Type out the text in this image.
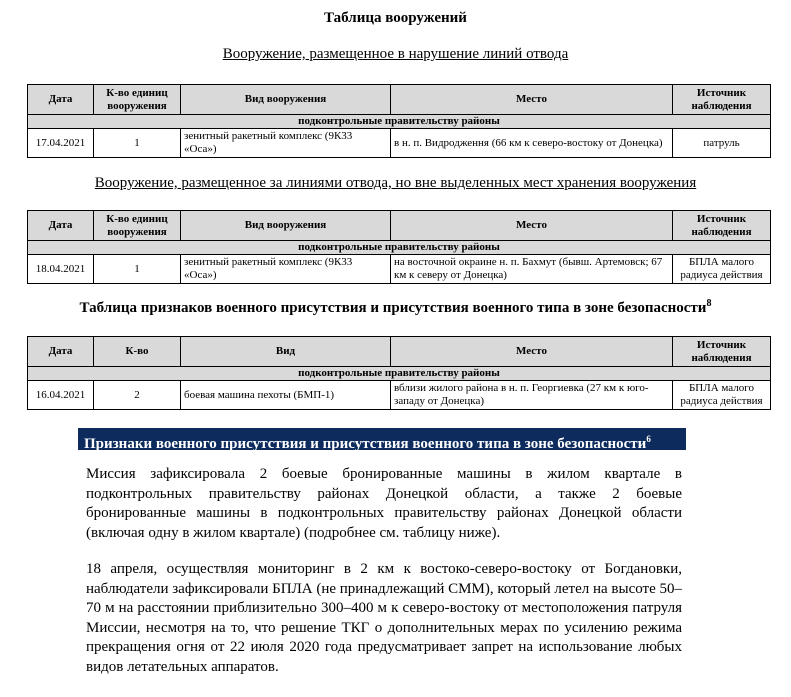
Таблица вооружений
Вооружение, размещенное в нарушение линий отвода
Дата	К-во единиц вооружения	Вид вооружения	Место	Источник наблюдения
подконтрольные правительству районы				
17.04.2021	1	зенитный ракетный комплекс (9К33 «Оса»)	в н. п. Видродження (66 км к северо-востоку от Донецка)	патруль
Вооружение, размещенное за линиями отвода, но вне выделенных мест хранения вооружения
Дата	К-во единиц вооружения	Вид вооружения	Место	Источник наблюдения
подконтрольные правительству районы				
18.04.2021	1	зенитный ракетный комплекс (9К33 «Оса»)	на восточной окраине н. п. Бахмут (бывш. Артемовск; 67 км к северу от Донецка)	БПЛА малого радиуса действия
Таблица признаков военного присутствия и присутствия военного типа в зоне безопасности$^8$
Дата	К-во	Вид	Место	Источник наблюдения
подконтрольные правительству районы				
16.04.2021	2	боевая машина пехоты (БМП-1)	вблизи жилого района в н. п. Георгиевка (27 км к юго-западу от Донецка)	БПЛА малого радиуса действия
Признаки военного присутствия и присутствия военного типа в зоне безопасности$^6$
Миссия зафиксировала 2 боевые бронированные машины в жилом квартале в подконтрольных правительству районах Донецкой области, а также 2 боевые бронированные машины в подконтрольных правительству районах Донецкой области (включая одну в жилом квартале) (подробнее см. таблицу ниже).
18 апреля, осуществляя мониторинг в 2 км к востоко-северо-востоку от Богдановки, наблюдатели зафиксировали БПЛА (не принадлежащий СММ), который летел на высоте 50–70 м на расстоянии приблизительно 300–400 м к северо-востоку от местоположения патруля Миссии, несмотря на то, что решение ТКГ о дополнительных мерах по усилению режима прекращения огня от 22 июля 2020 года предусматривает запрет на использование любых видов летательных аппаратов.
